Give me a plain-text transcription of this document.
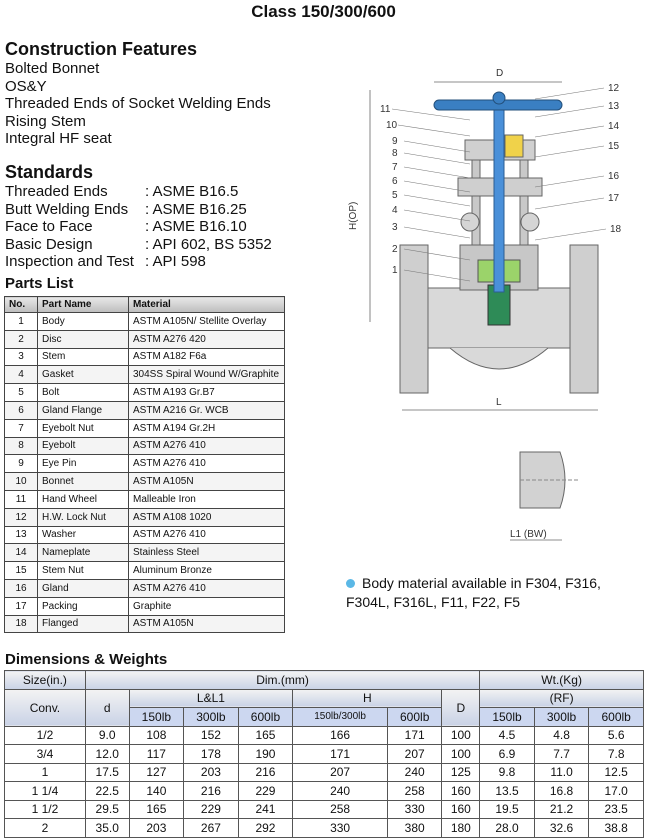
Class 150/300/600
Construction Features
Bolted Bonnet
OS&Y
Threaded Ends of Socket Welding Ends
Rising Stem
Integral HF seat
Standards
Threaded Ends : ASME B16.5
Butt Welding Ends : ASME B16.25
Face to Face	: ASME B16.10
Basic Design	: API 602, BS 5352
Inspection and Test : API 598
Parts List
No.	Part Name	Material
1	Body	ASTM A105N/ Stellite Overlay
2	Disc	ASTM A276 420
3	Stem	ASTM A182 F6a
4	Gasket	304SS Spiral Wound W/Graphite
5	Bolt	ASTM A193 Gr.B7
6	Gland Flange	ASTM A216 Gr. WCB
7	Eyebolt Nut	ASTM A194 Gr.2H
8	Eyebolt	ASTM A276 410
9	Eye Pin	ASTM A276 410
10	Bonnet	ASTM A105N
11	Hand Wheel	Malleable Iron
12	H.W. Lock Nut	ASTM A108 1020
13	Washer	ASTM A276 410
14	Nameplate	Stainless Steel
15	Stem Nut	Aluminum Bronze
16	Gland	ASTM A276 410
17	Packing	Graphite
18	Flanged	ASTM A105N
D
H(OP)
L
L1 (BW)
1
2
3
4
5
6
7
8
9
10
11
12
13
14
15
16
17
18
Body material available in F304, F316, F304L, F316L, F11, F22, F5
Dimensions & Weights
Size(in.)	Dim.(mm)							Wt.(Kg)		
Conv.	d	L&L1			H		D	(RF)		
		150lb	300lb	600lb	150lb/300lb	600lb		150lb	300lb	600lb
1/2	9.0	108	152	165	166	171	100	4.5	4.8	5.6
3/4	12.0	117	178	190	171	207	100	6.9	7.7	7.8
1	17.5	127	203	216	207	240	125	9.8	11.0	12.5
1 1/4	22.5	140	216	229	240	258	160	13.5	16.8	17.0
1 1/2	29.5	165	229	241	258	330	160	19.5	21.2	23.5
2	35.0	203	267	292	330	380	180	28.0	32.6	38.8
